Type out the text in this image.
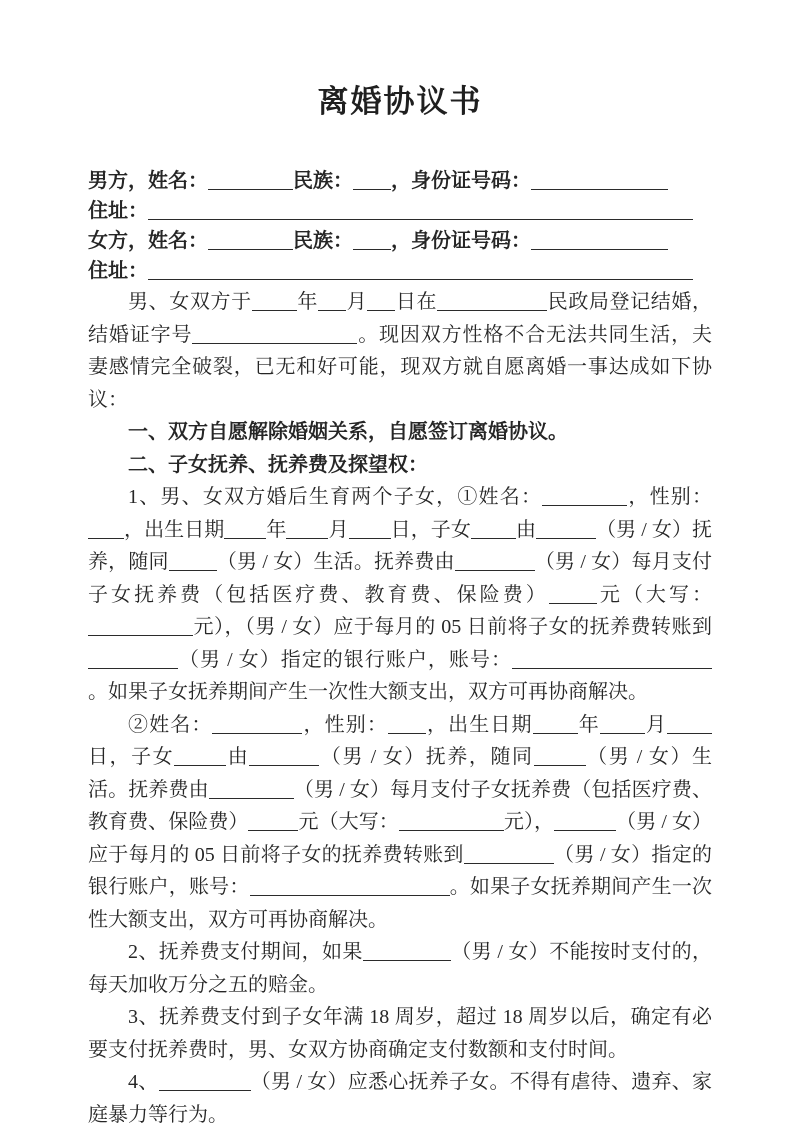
离婚协议书

男方，姓名：	民族： ，身份证号码：

住址：

女方，姓名：	民族： ，身份证号码：

住址：

男、女双方于 年 月 日在	民政局登记结婚，结婚证字号	。现因双方性格不合无法共同生活，夫妻感情完全破裂，已无和好可能，现双方就自愿离婚一事达成如下协议：

一、双方自愿解除婚姻关系，自愿签订离婚协议。

二、子女抚养、抚养费及探望权：

1、男、女双方婚后生育两个子女，①姓名：	，性别：，出生日期 年 月 日，子女 由	（男 / 女）抚养，随同 （男 / 女）生活。抚养费由	（男 / 女）每月支付子女抚养费（包括医疗费、教育费、保险费） 元（大写：元），（男 / 女）应于每月的 05 日前将子女的抚养费转账到（男 / 女）指定的银行账户，账号：。如果子女抚养期间产生一次性大额支出，双方可再协商解决。

②姓名：	，性别： ，出生日期 年 月日，子女	由	（男 / 女）抚养，随同	（男 / 女）生活。抚养费由	（男 / 女）每月支付子女抚养费（包括医疗费、教育费、保险费）	元（大写：	元），	（男 / 女）应于每月的 05 日前将子女的抚养费转账到	（男 / 女）指定的银行账户，账号：	。如果子女抚养期间产生一次性大额支出，双方可再协商解决。

2、抚养费支付期间，如果	（男 / 女）不能按时支付的，每天加收万分之五的赔金。

3、抚养费支付到子女年满 18 周岁，超过 18 周岁以后，确定有必要支付抚养费时，男、女双方协商确定支付数额和支付时间。

4、	（男 / 女）应悉心抚养子女。不得有虐待、遗弃、家庭暴力等行为。
